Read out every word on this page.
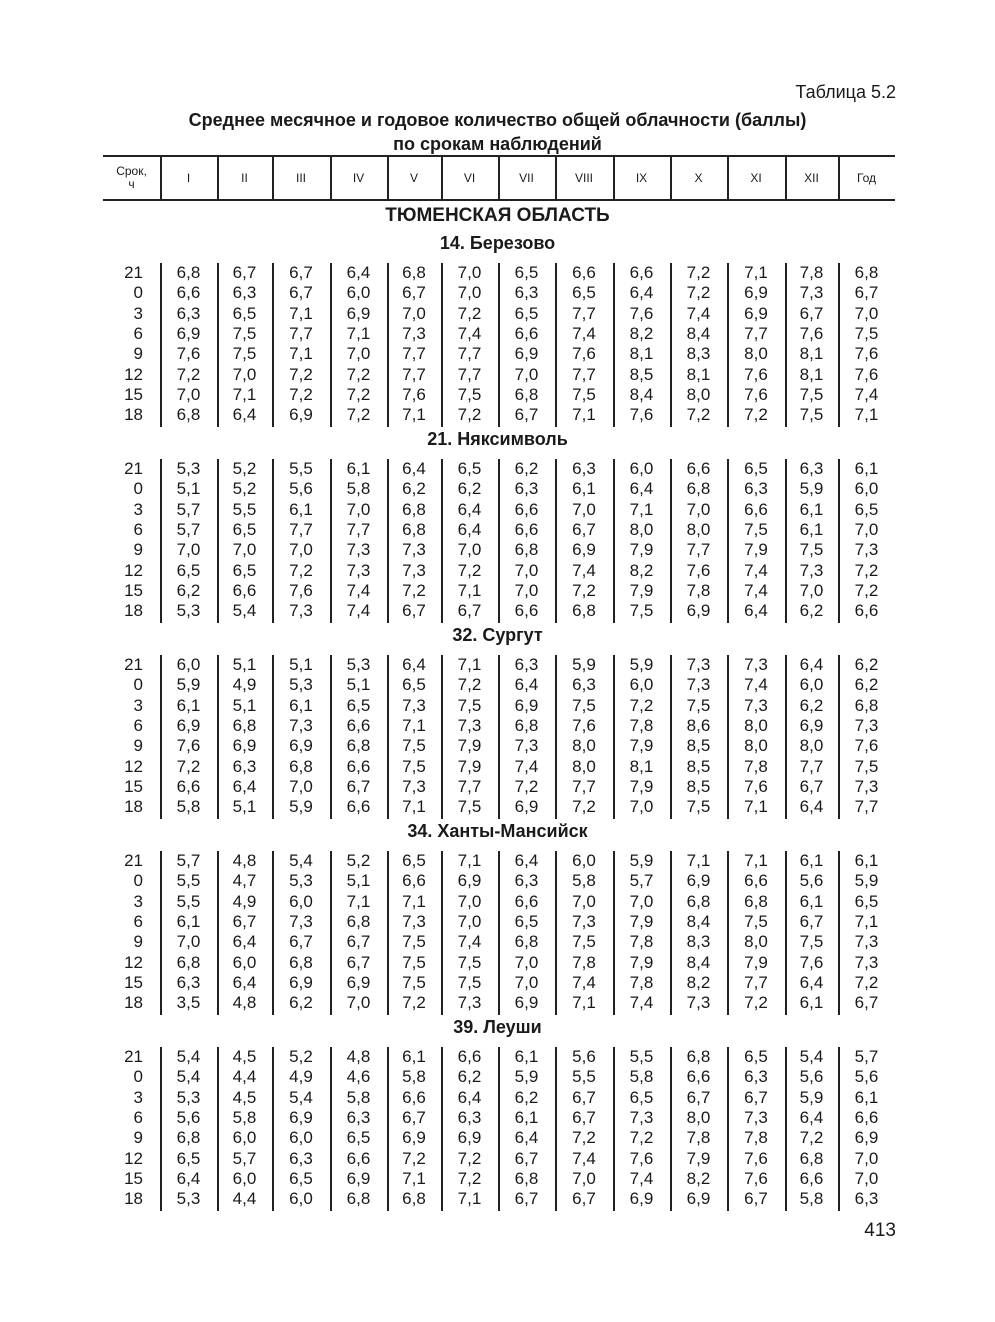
Таблица 5.2
Среднее месячное и годовое количество общей облачности (баллы)
по срокам наблюдений
Срок,
ч	I	II	III	IV	V	VI	VII	VIII	IX	X	XI	XII	Год
ТЮМЕНСКАЯ ОБЛАСТЬ
14. Березово
21	6,8	6,7	6,7	6,4	6,8	7,0	6,5	6,6	6,6	7,2	7,1	7,8	6,8
0	6,6	6,3	6,7	6,0	6,7	7,0	6,3	6,5	6,4	7,2	6,9	7,3	6,7
3	6,3	6,5	7,1	6,9	7,0	7,2	6,5	7,7	7,6	7,4	6,9	6,7	7,0
6	6,9	7,5	7,7	7,1	7,3	7,4	6,6	7,4	8,2	8,4	7,7	7,6	7,5
9	7,6	7,5	7,1	7,0	7,7	7,7	6,9	7,6	8,1	8,3	8,0	8,1	7,6
12	7,2	7,0	7,2	7,2	7,7	7,7	7,0	7,7	8,5	8,1	7,6	8,1	7,6
15	7,0	7,1	7,2	7,2	7,6	7,5	6,8	7,5	8,4	8,0	7,6	7,5	7,4
18	6,8	6,4	6,9	7,2	7,1	7,2	6,7	7,1	7,6	7,2	7,2	7,5	7,1
21. Няксимволь
21	5,3	5,2	5,5	6,1	6,4	6,5	6,2	6,3	6,0	6,6	6,5	6,3	6,1
0	5,1	5,2	5,6	5,8	6,2	6,2	6,3	6,1	6,4	6,8	6,3	5,9	6,0
3	5,7	5,5	6,1	7,0	6,8	6,4	6,6	7,0	7,1	7,0	6,6	6,1	6,5
6	5,7	6,5	7,7	7,7	6,8	6,4	6,6	6,7	8,0	8,0	7,5	6,1	7,0
9	7,0	7,0	7,0	7,3	7,3	7,0	6,8	6,9	7,9	7,7	7,9	7,5	7,3
12	6,5	6,5	7,2	7,3	7,3	7,2	7,0	7,4	8,2	7,6	7,4	7,3	7,2
15	6,2	6,6	7,6	7,4	7,2	7,1	7,0	7,2	7,9	7,8	7,4	7,0	7,2
18	5,3	5,4	7,3	7,4	6,7	6,7	6,6	6,8	7,5	6,9	6,4	6,2	6,6
32. Сургут
21	6,0	5,1	5,1	5,3	6,4	7,1	6,3	5,9	5,9	7,3	7,3	6,4	6,2
0	5,9	4,9	5,3	5,1	6,5	7,2	6,4	6,3	6,0	7,3	7,4	6,0	6,2
3	6,1	5,1	6,1	6,5	7,3	7,5	6,9	7,5	7,2	7,5	7,3	6,2	6,8
6	6,9	6,8	7,3	6,6	7,1	7,3	6,8	7,6	7,8	8,6	8,0	6,9	7,3
9	7,6	6,9	6,9	6,8	7,5	7,9	7,3	8,0	7,9	8,5	8,0	8,0	7,6
12	7,2	6,3	6,8	6,6	7,5	7,9	7,4	8,0	8,1	8,5	7,8	7,7	7,5
15	6,6	6,4	7,0	6,7	7,3	7,7	7,2	7,7	7,9	8,5	7,6	6,7	7,3
18	5,8	5,1	5,9	6,6	7,1	7,5	6,9	7,2	7,0	7,5	7,1	6,4	7,7
34. Ханты-Мансийск
21	5,7	4,8	5,4	5,2	6,5	7,1	6,4	6,0	5,9	7,1	7,1	6,1	6,1
0	5,5	4,7	5,3	5,1	6,6	6,9	6,3	5,8	5,7	6,9	6,6	5,6	5,9
3	5,5	4,9	6,0	7,1	7,1	7,0	6,6	7,0	7,0	6,8	6,8	6,1	6,5
6	6,1	6,7	7,3	6,8	7,3	7,0	6,5	7,3	7,9	8,4	7,5	6,7	7,1
9	7,0	6,4	6,7	6,7	7,5	7,4	6,8	7,5	7,8	8,3	8,0	7,5	7,3
12	6,8	6,0	6,8	6,7	7,5	7,5	7,0	7,8	7,9	8,4	7,9	7,6	7,3
15	6,3	6,4	6,9	6,9	7,5	7,5	7,0	7,4	7,8	8,2	7,7	6,4	7,2
18	3,5	4,8	6,2	7,0	7,2	7,3	6,9	7,1	7,4	7,3	7,2	6,1	6,7
39. Леуши
21	5,4	4,5	5,2	4,8	6,1	6,6	6,1	5,6	5,5	6,8	6,5	5,4	5,7
0	5,4	4,4	4,9	4,6	5,8	6,2	5,9	5,5	5,8	6,6	6,3	5,6	5,6
3	5,3	4,5	5,4	5,8	6,6	6,4	6,2	6,7	6,5	6,7	6,7	5,9	6,1
6	5,6	5,8	6,9	6,3	6,7	6,3	6,1	6,7	7,3	8,0	7,3	6,4	6,6
9	6,8	6,0	6,0	6,5	6,9	6,9	6,4	7,2	7,2	7,8	7,8	7,2	6,9
12	6,5	5,7	6,3	6,6	7,2	7,2	6,7	7,4	7,6	7,9	7,6	6,8	7,0
15	6,4	6,0	6,5	6,9	7,1	7,2	6,8	7,0	7,4	8,2	7,6	6,6	7,0
18	5,3	4,4	6,0	6,8	6,8	7,1	6,7	6,7	6,9	6,9	6,7	5,8	6,3
413
